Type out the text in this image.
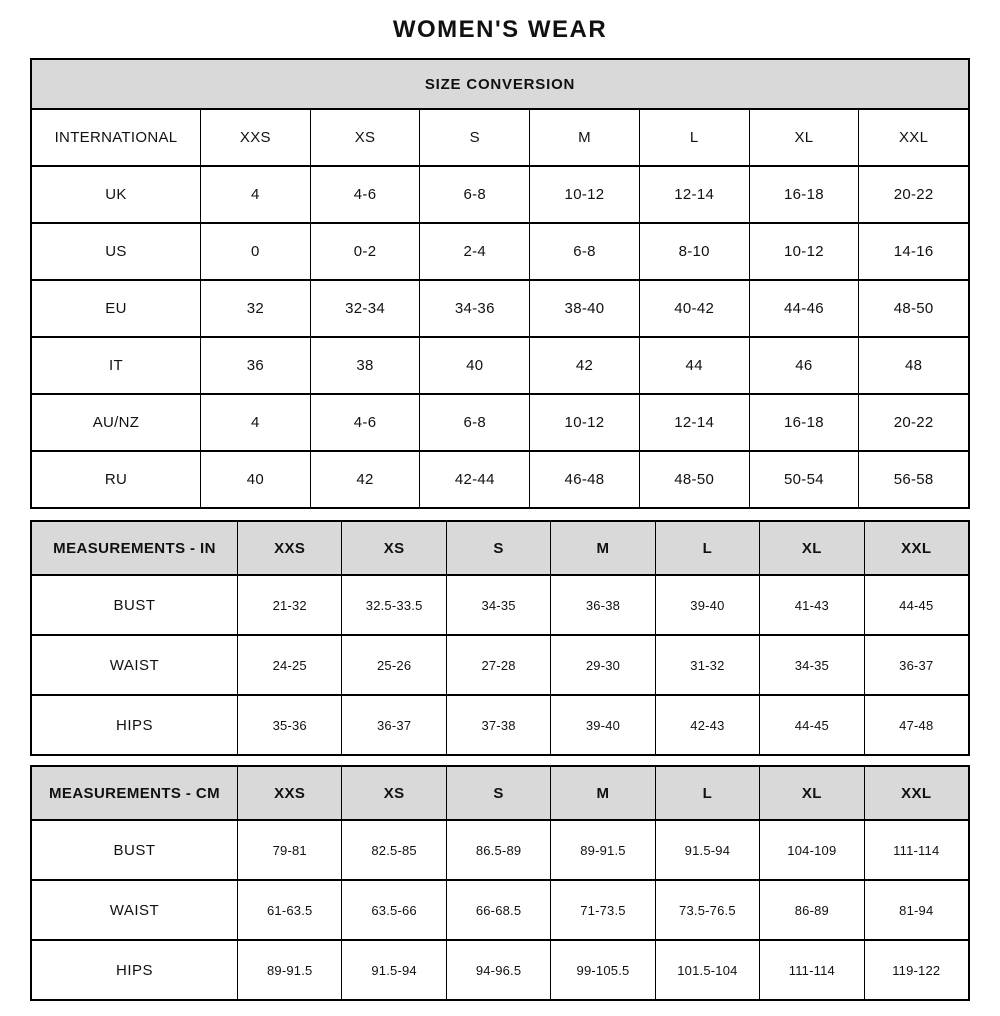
WOMEN'S WEAR
SIZE CONVERSION
INTERNATIONAL	XXS	XS	S	M	L	XL	XXL
UK	4	4-6	6-8	10-12	12-14	16-18	20-22
US	0	0-2	2-4	6-8	8-10	10-12	14-16
EU	32	32-34	34-36	38-40	40-42	44-46	48-50
IT	36	38	40	42	44	46	48
AU/NZ	4	4-6	6-8	10-12	12-14	16-18	20-22
RU	40	42	42-44	46-48	48-50	50-54	56-58
MEASUREMENTS - IN	XXS	XS	S	M	L	XL	XXL
BUST	21-32	32.5-33.5	34-35	36-38	39-40	41-43	44-45
WAIST	24-25	25-26	27-28	29-30	31-32	34-35	36-37
HIPS	35-36	36-37	37-38	39-40	42-43	44-45	47-48
MEASUREMENTS - CM	XXS	XS	S	M	L	XL	XXL
BUST	79-81	82.5-85	86.5-89	89-91.5	91.5-94	104-109	111-114
WAIST	61-63.5	63.5-66	66-68.5	71-73.5	73.5-76.5	86-89	81-94
HIPS	89-91.5	91.5-94	94-96.5	99-105.5	101.5-104	111-114	119-122
